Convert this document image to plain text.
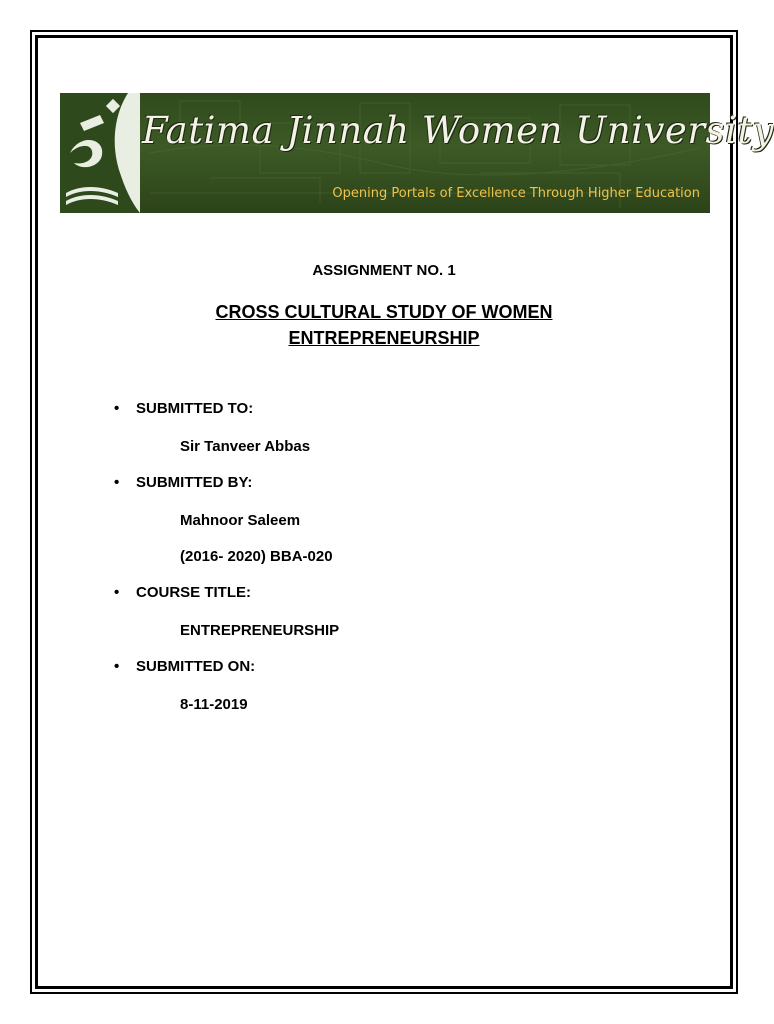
Fatima Jinnah Women University
Opening Portals of Excellence Through Higher Education
ASSIGNMENT NO. 1
CROSS CULTURAL STUDY OF WOMEN
ENTREPRENEURSHIP
• SUBMITTED TO:
Sir Tanveer Abbas
• SUBMITTED BY:
Mahnoor Saleem
(2016- 2020) BBA-020
• COURSE TITLE:
ENTREPRENEURSHIP
• SUBMITTED ON:
8-11-2019
